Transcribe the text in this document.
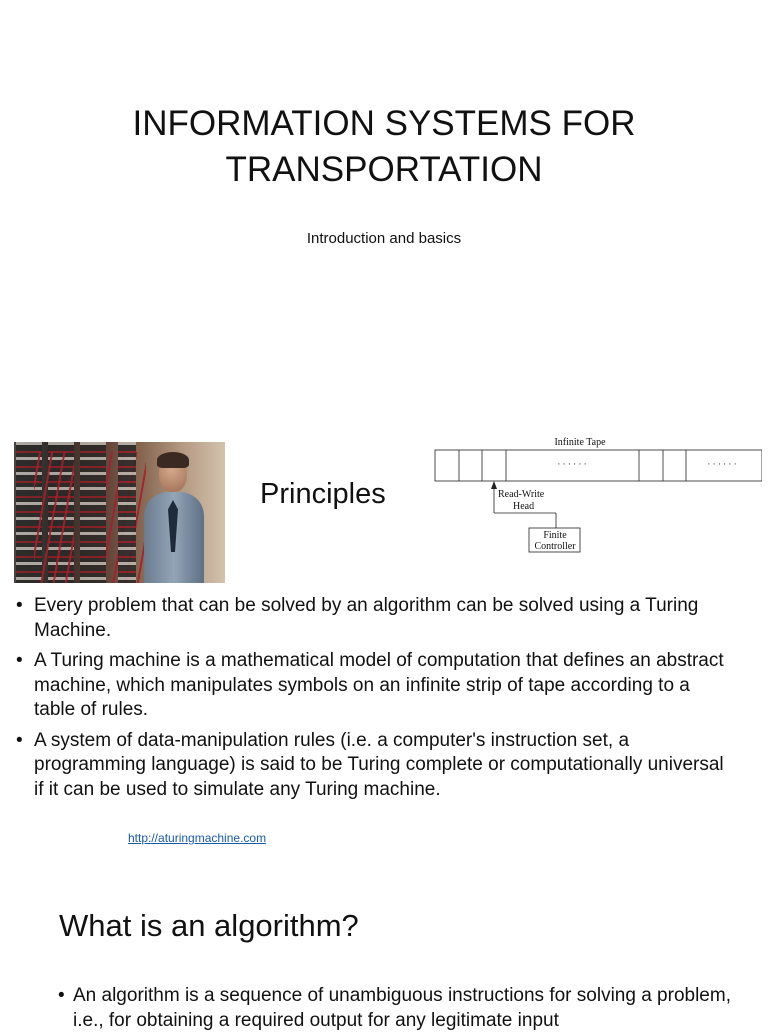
INFORMATION SYSTEMS FOR
TRANSPORTATION
Introduction and basics
Principles
Infinite Tape
· · · · · ·	· · · · · ·
Read-Write
Head
Finite
Controller
• Every problem that can be solved by an algorithm can be solved using a Turing Machine.
• A Turing machine is a mathematical model of computation that defines an abstract machine, which manipulates symbols on an infinite strip of tape according to a table of rules.
• A system of data-manipulation rules (i.e. a computer's instruction set, a programming language) is said to be Turing complete or computationally universal if it can be used to simulate any Turing machine.
http://aturingmachine.com
What is an algorithm?
• An algorithm is a sequence of unambiguous instructions for solving a problem, i.e., for obtaining a required output for any legitimate input
